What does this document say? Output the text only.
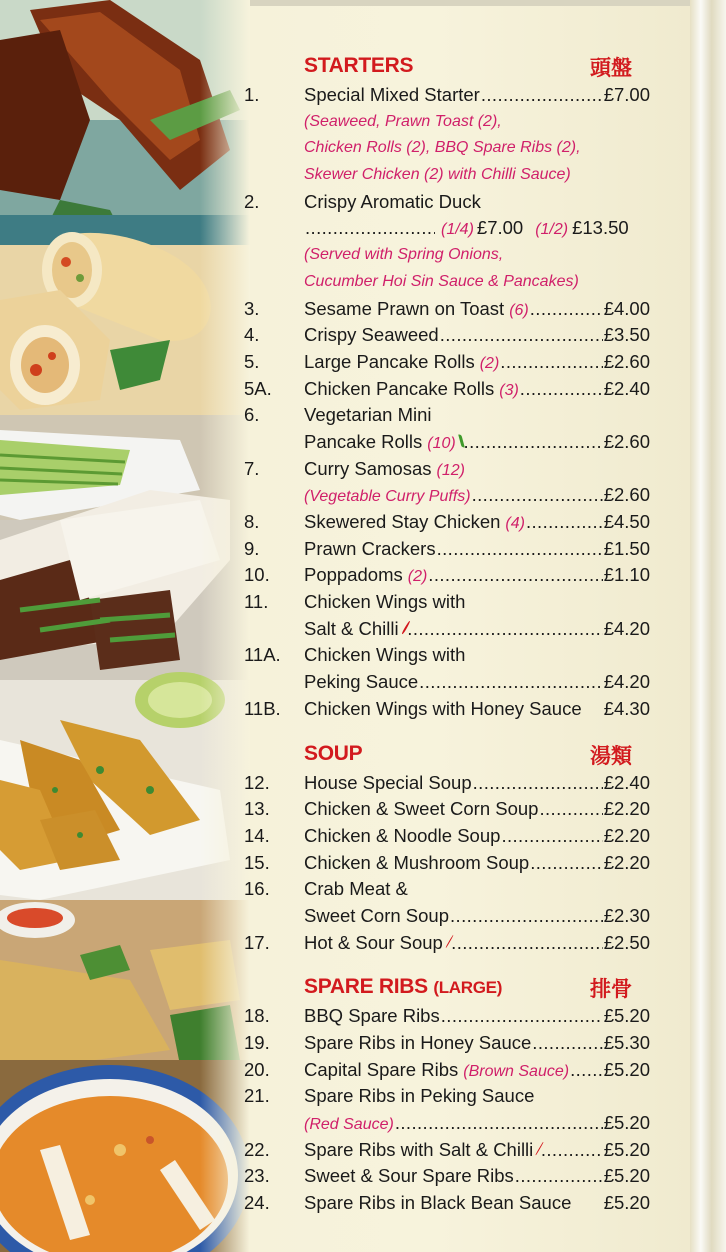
STARTERS	頭盤
1. Special Mixed Starter .....	£7.00
(Seaweed, Prawn Toast (2),
Chicken Rolls (2), BBQ Spare Ribs (2),
Skewer Chicken (2) with Chilli Sauce)
2. Crispy Aromatic Duck
.....
(1/4) £7.00 (1/2) £13.50
(Served with Spring Onions,
Cucumber Hoi Sin Sauce & Pancakes)
3. Sesame Prawn on Toast (6) .....	£4.00
4. Crispy Seaweed .....	£3.50
5. Large Pancake Rolls (2) .....	£2.60
5A. Chicken Pancake Rolls (3) .....	£2.40
6. Vegetarian Mini
Pancake Rolls (10) .....	£2.60
7. Curry Samosas (12)
(Vegetable Curry Puffs) .....	£2.60
8. Skewered Stay Chicken (4) .....	£4.50
9. Prawn Crackers .....	£1.50
10. Poppadoms (2) .....	£1.10
11. Chicken Wings with
Salt & Chilli .....	£4.20
11A. Chicken Wings with
Peking Sauce .....	£4.20
11B. Chicken Wings with Honey Sauce £4.30
SOUP	湯類
12. House Special Soup .....	£2.40
13. Chicken & Sweet Corn Soup .....	£2.20
14. Chicken & Noodle Soup .....	£2.20
15. Chicken & Mushroom Soup .....	£2.20
16. Crab Meat &
Sweet Corn Soup .....	£2.30
17. Hot & Sour Soup .....	£2.50
SPARE RIBS (LARGE)	排骨
18. BBQ Spare Ribs .....	£5.20
19. Spare Ribs in Honey Sauce .....	£5.30
20. Capital Spare Ribs (Brown Sauce) ..... £5.20
21. Spare Ribs in Peking Sauce
(Red Sauce) .....	£5.20
22. Spare Ribs with Salt & Chilli .....	£5.20
23. Sweet & Sour Spare Ribs .....	£5.20
24. Spare Ribs in Black Bean Sauce £5.20
